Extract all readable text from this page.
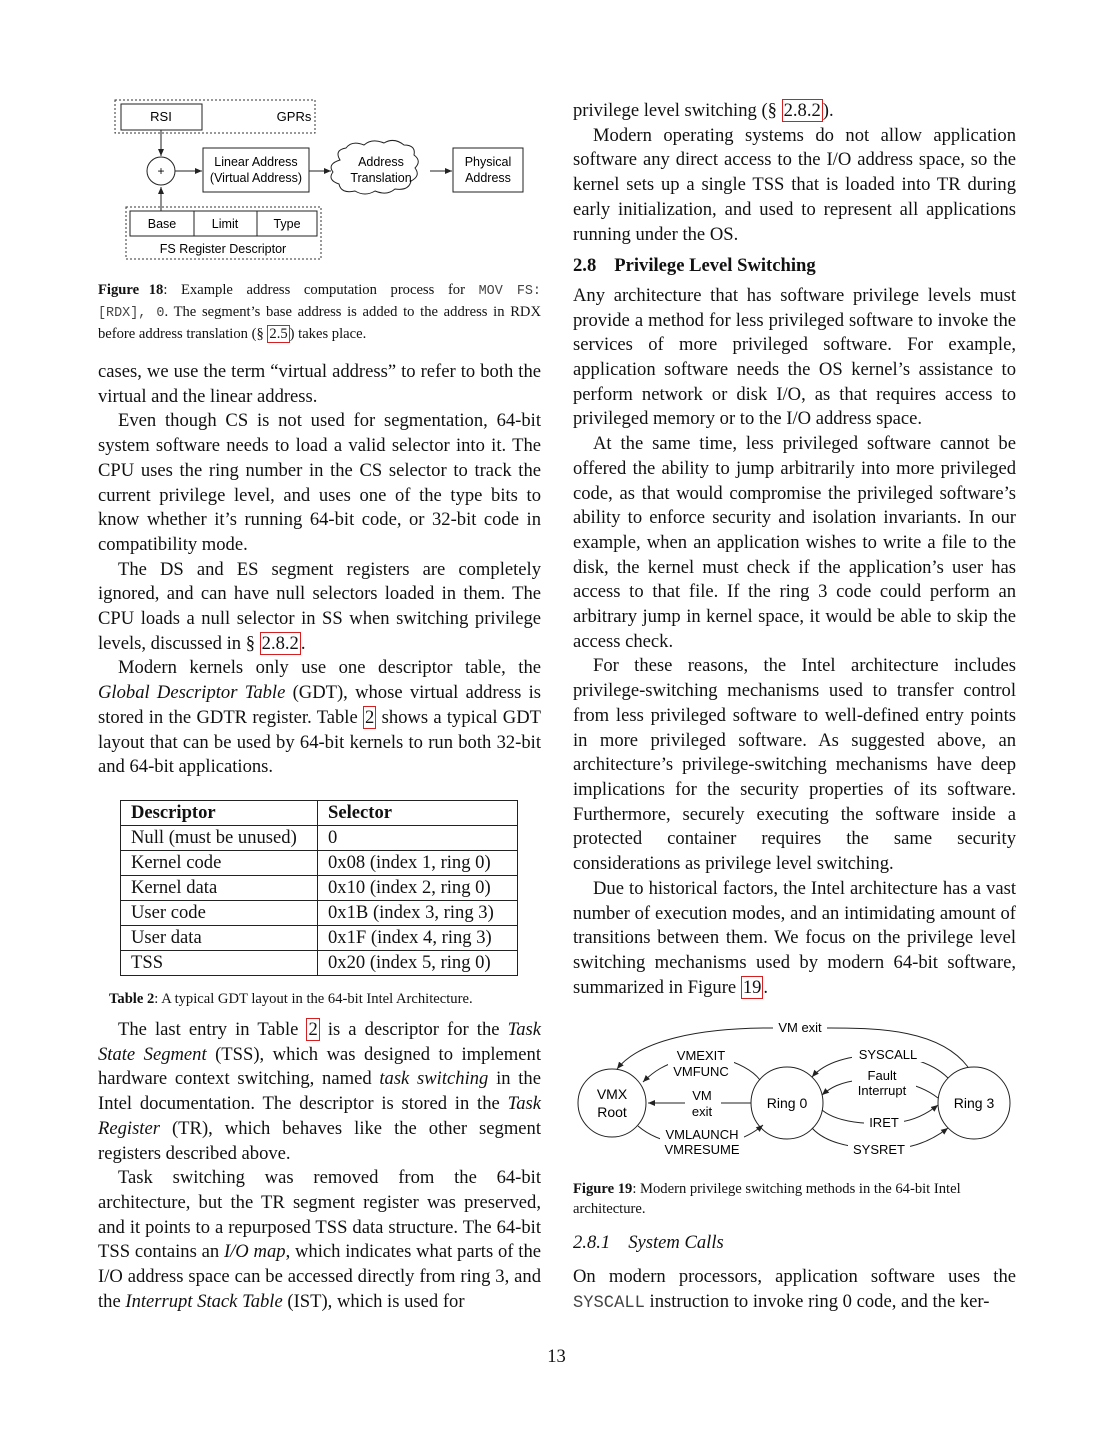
RSI	GPRs
+
Linear Address
(Virtual Address)
Address
Translation
Physical
Address
Base	Limit	Type
FS Register Descriptor
Figure 18: Example address computation process for MOV FS:[RDX], 0. The segment’s base address is added to the address in RDX before address translation (§ 2.5 ) takes place.

cases, we use the term “virtual address” to refer to both the virtual and the linear address.

Even though CS is not used for segmentation, 64-bit system software needs to load a valid selector into it. The CPU uses the ring number in the CS selector to track the current privilege level, and uses one of the type bits to know whether it’s running 64-bit code, or 32-bit code in compatibility mode.

The DS and ES segment registers are completely ignored, and can have null selectors loaded in them. The CPU loads a null selector in SS when switching privilege levels, discussed in § 2.8.2 .

Modern kernels only use one descriptor table, the Global Descriptor Table (GDT), whose virtual address is stored in the GDTR register. Table 2 shows a typical GDT layout that can be used by 64-bit kernels to run both 32-bit and 64-bit applications.

Descriptor	Selector
Null (must be unused)	0
Kernel code	0x08 (index 1, ring 0)
Kernel data	0x10 (index 2, ring 0)
User code	0x1B (index 3, ring 3)
User data	0x1F (index 4, ring 3)
TSS	0x20 (index 5, ring 0)
Table 2: A typical GDT layout in the 64-bit Intel Architecture.

The last entry in Table 2 is a descriptor for the Task State Segment (TSS), which was designed to implement hardware context switching, named task switching in the Intel documentation. The descriptor is stored in the Task Register (TR), which behaves like the other segment registers described above.

Task switching was removed from the 64-bit architecture, but the TR segment register was preserved, and it points to a repurposed TSS data structure. The 64-bit TSS contains an I/O map, which indicates what parts of the I/O address space can be accessed directly from ring 3, and the Interrupt Stack Table (IST), which is used for

privilege level switching (§ 2.8.2 ).

Modern operating systems do not allow application software any direct access to the I/O address space, so the kernel sets up a single TSS that is loaded into TR during early initialization, and used to represent all applications running under the OS.

2.8 Privilege Level Switching

Any architecture that has software privilege levels must provide a method for less privileged software to invoke the services of more privileged software. For example, application software needs the OS kernel’s assistance to perform network or disk I/O, as that requires access to privileged memory or to the I/O address space.

At the same time, less privileged software cannot be offered the ability to jump arbitrarily into more privileged code, as that would compromise the privileged software’s ability to enforce security and isolation invariants. In our example, when an application wishes to write a file to the disk, the kernel must check if the application’s user has access to that file. If the ring 3 code could perform an arbitrary jump in kernel space, it would be able to skip the access check.

For these reasons, the Intel architecture includes privilege-switching mechanisms used to transfer control from less privileged software to well-defined entry points in more privileged software. As suggested above, an architecture’s privilege-switching mechanisms have deep implications for the security properties of its software. Furthermore, securely executing the software inside a protected container requires the same security considerations as privilege level switching.

Due to historical factors, the Intel architecture has a vast number of execution modes, and an intimidating amount of transitions between them. We focus on the privilege level switching mechanisms used by modern 64-bit software, summarized in Figure 19 .

Figure 19: Modern privilege switching methods in the 64-bit Intel architecture.
2.8.1 System Calls

On modern processors, application software uses the SYSCALL instruction to invoke ring 0 code, and the ker-

VMX
Root
Ring 0	Ring 3
VM exit
VMEXIT
VMFUNC
VM
exit
VMLAUNCH
VMRESUME
SYSCALL
Fault
Interrupt
IRET
SYSRET
13
